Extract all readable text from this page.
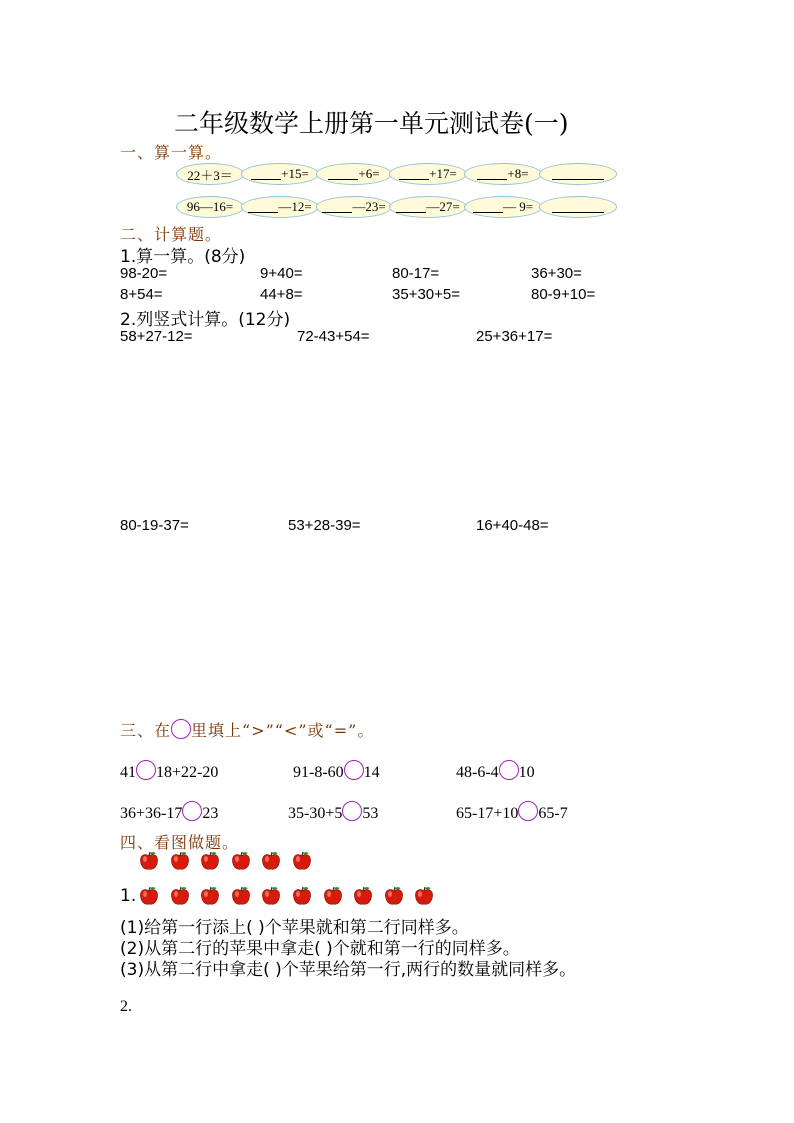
二年级数学上册第一单元测试卷(一)
一、算一算。
22＋3＝	+15=	+6=	+17=	+8=
96—16=	—12=	—23=	—27=	— 9=
二、计算题。
1.算一算。(8分)
98-20=	9+40=	80-17=	36+30=
8+54=	44+8=	35+30+5=	80-9+10=
2.列竖式计算。(12分)
58+27-12=	72-43+54=	25+36+17=
80-19-37=	53+28-39=	16+40-48=
三、在 里填上“>”“<”或“=”。
41 18+22-20	91-8-60 14	48-6-4 10
36+36-17 23	35-30+5 53	65-17+10 65-7
四、看图做题。
1.
(1)给第一行添上( )个苹果就和第二行同样多。
(2)从第二行的苹果中拿走( )个就和第一行的同样多。
(3)从第二行中拿走( )个苹果给第一行,两行的数量就同样多。
2.
